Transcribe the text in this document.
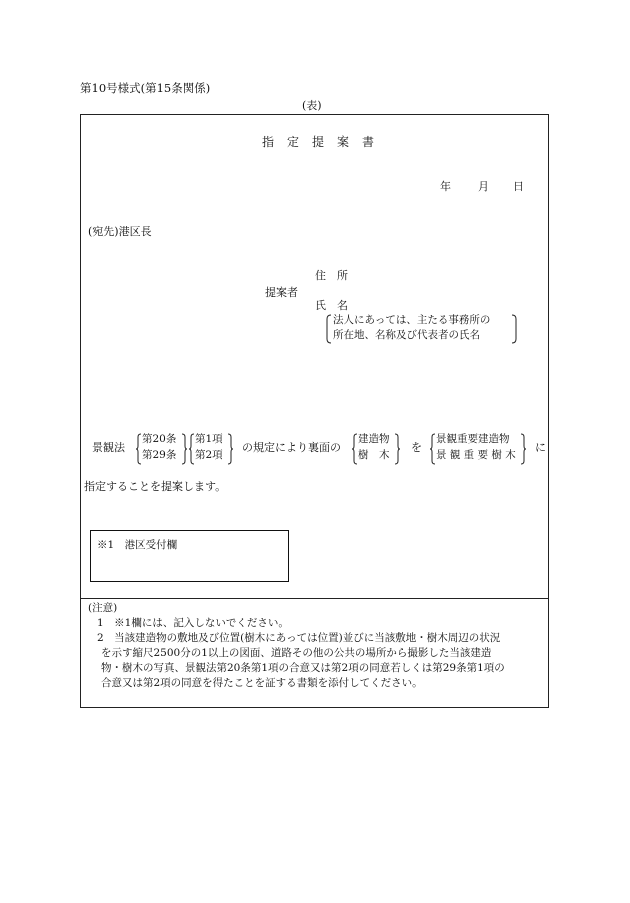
第10号様式(第15条関係)
(表)
指 定 提 案 書
年 月 日
(宛先)港区長
提案者
住　所
氏　名
法人にあっては、主たる事務所の
所在地、名称及び代表者の氏名
景観法
第20条
第29条
第1項
第2項
の規定により裏面の
建造物
樹　木
を
景観重要建造物
景 観 重 要 樹 木
に
指定することを提案します。
※1　港区受付欄
(注意)
1　※1欄には、記入しないでください。
2　当該建造物の敷地及び位置(樹木にあっては位置)並びに当該敷地・樹木周辺の状況
を示す縮尺2500分の1以上の図面、道路その他の公共の場所から撮影した当該建造
物・樹木の写真、景観法第20条第1項の合意又は第2項の同意若しくは第29条第1項の
合意又は第2項の同意を得たことを証する書類を添付してください。
